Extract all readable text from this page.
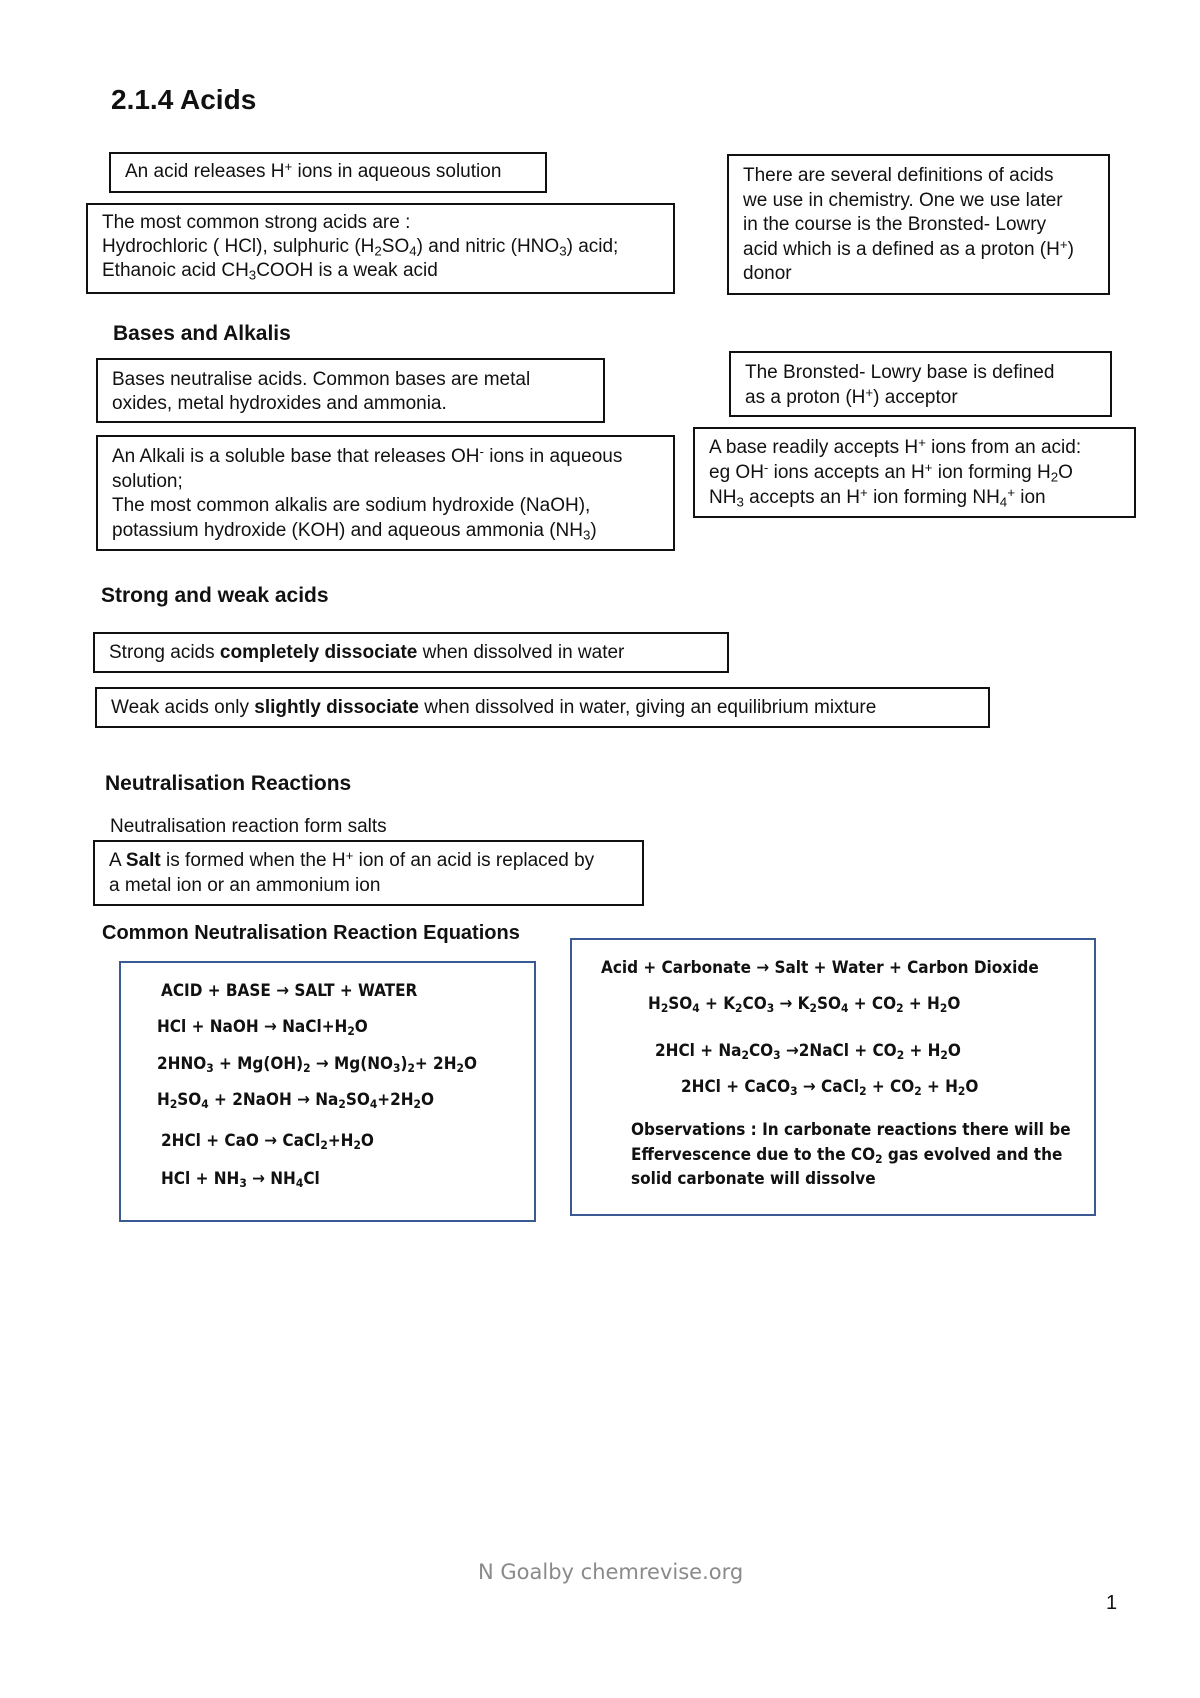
2.1.4 Acids
An acid releases H+ ions in aqueous solution
The most common strong acids are :
Hydrochloric ( HCl), sulphuric $(H_2SO_4)$ and nitric $(HNO_3)$ acid;
Ethanoic acid $CH_3COOH$ is a weak acid
There are several definitions of acids
we use in chemistry. One we use later
in the course is the Bronsted- Lowry
acid which is a defined as a proton (H+)
donor
Bases and Alkalis
Bases neutralise acids. Common bases are metal
oxides, metal hydroxides and ammonia.
The Bronsted- Lowry base is defined
as a proton (H+) acceptor
An Alkali is a soluble base that releases OH- ions in aqueous
solution;
The most common alkalis are sodium hydroxide (NaOH),
potassium hydroxide (KOH) and aqueous ammonia $(NH_3)$
A base readily accepts H+ ions from an acid:
eg OH- ions accepts an H+ ion forming $H_2O$
$NH_3$ accepts an H+ ion forming $NH_4^+$ ion
Strong and weak acids
Strong acids completely dissociate when dissolved in water
Weak acids only slightly dissociate when dissolved in water, giving an equilibrium mixture
Neutralisation Reactions
Neutralisation reaction form salts
A Salt is formed when the H+ ion of an acid is replaced by
a metal ion or an ammonium ion
Common Neutralisation Reaction Equations
ACID + BASE → SALT + WATER
HCl + NaOH → $NaCl+H_2O$
$2HNO_3 + Mg(OH)_2 \to Mg(NO_3)_2+ 2H_2O$
$H_2SO_4$ + 2NaOH → $Na_2SO_4+2H_2O$
2HCl + CaO → $CaCl_2+H_2O$
HCl + $NH_3 \to NH_4Cl$
Acid + Carbonate → Salt + Water + Carbon Dioxide
$H_2SO_4 + K_2CO_3 \to K_2SO_4 + CO_2 + H_2O$
$2HCl + Na_2CO_3$ →2NaCl + $CO_2 + H_2O$
2HCl + CaCO$_3$ → CaCl$_2$ + $CO_2 + H_2O$
Observations : In carbonate reactions there will be
Effervescence due to the $CO_2$ gas evolved and the
solid carbonate will dissolve
N Goalby chemrevise.org
1
